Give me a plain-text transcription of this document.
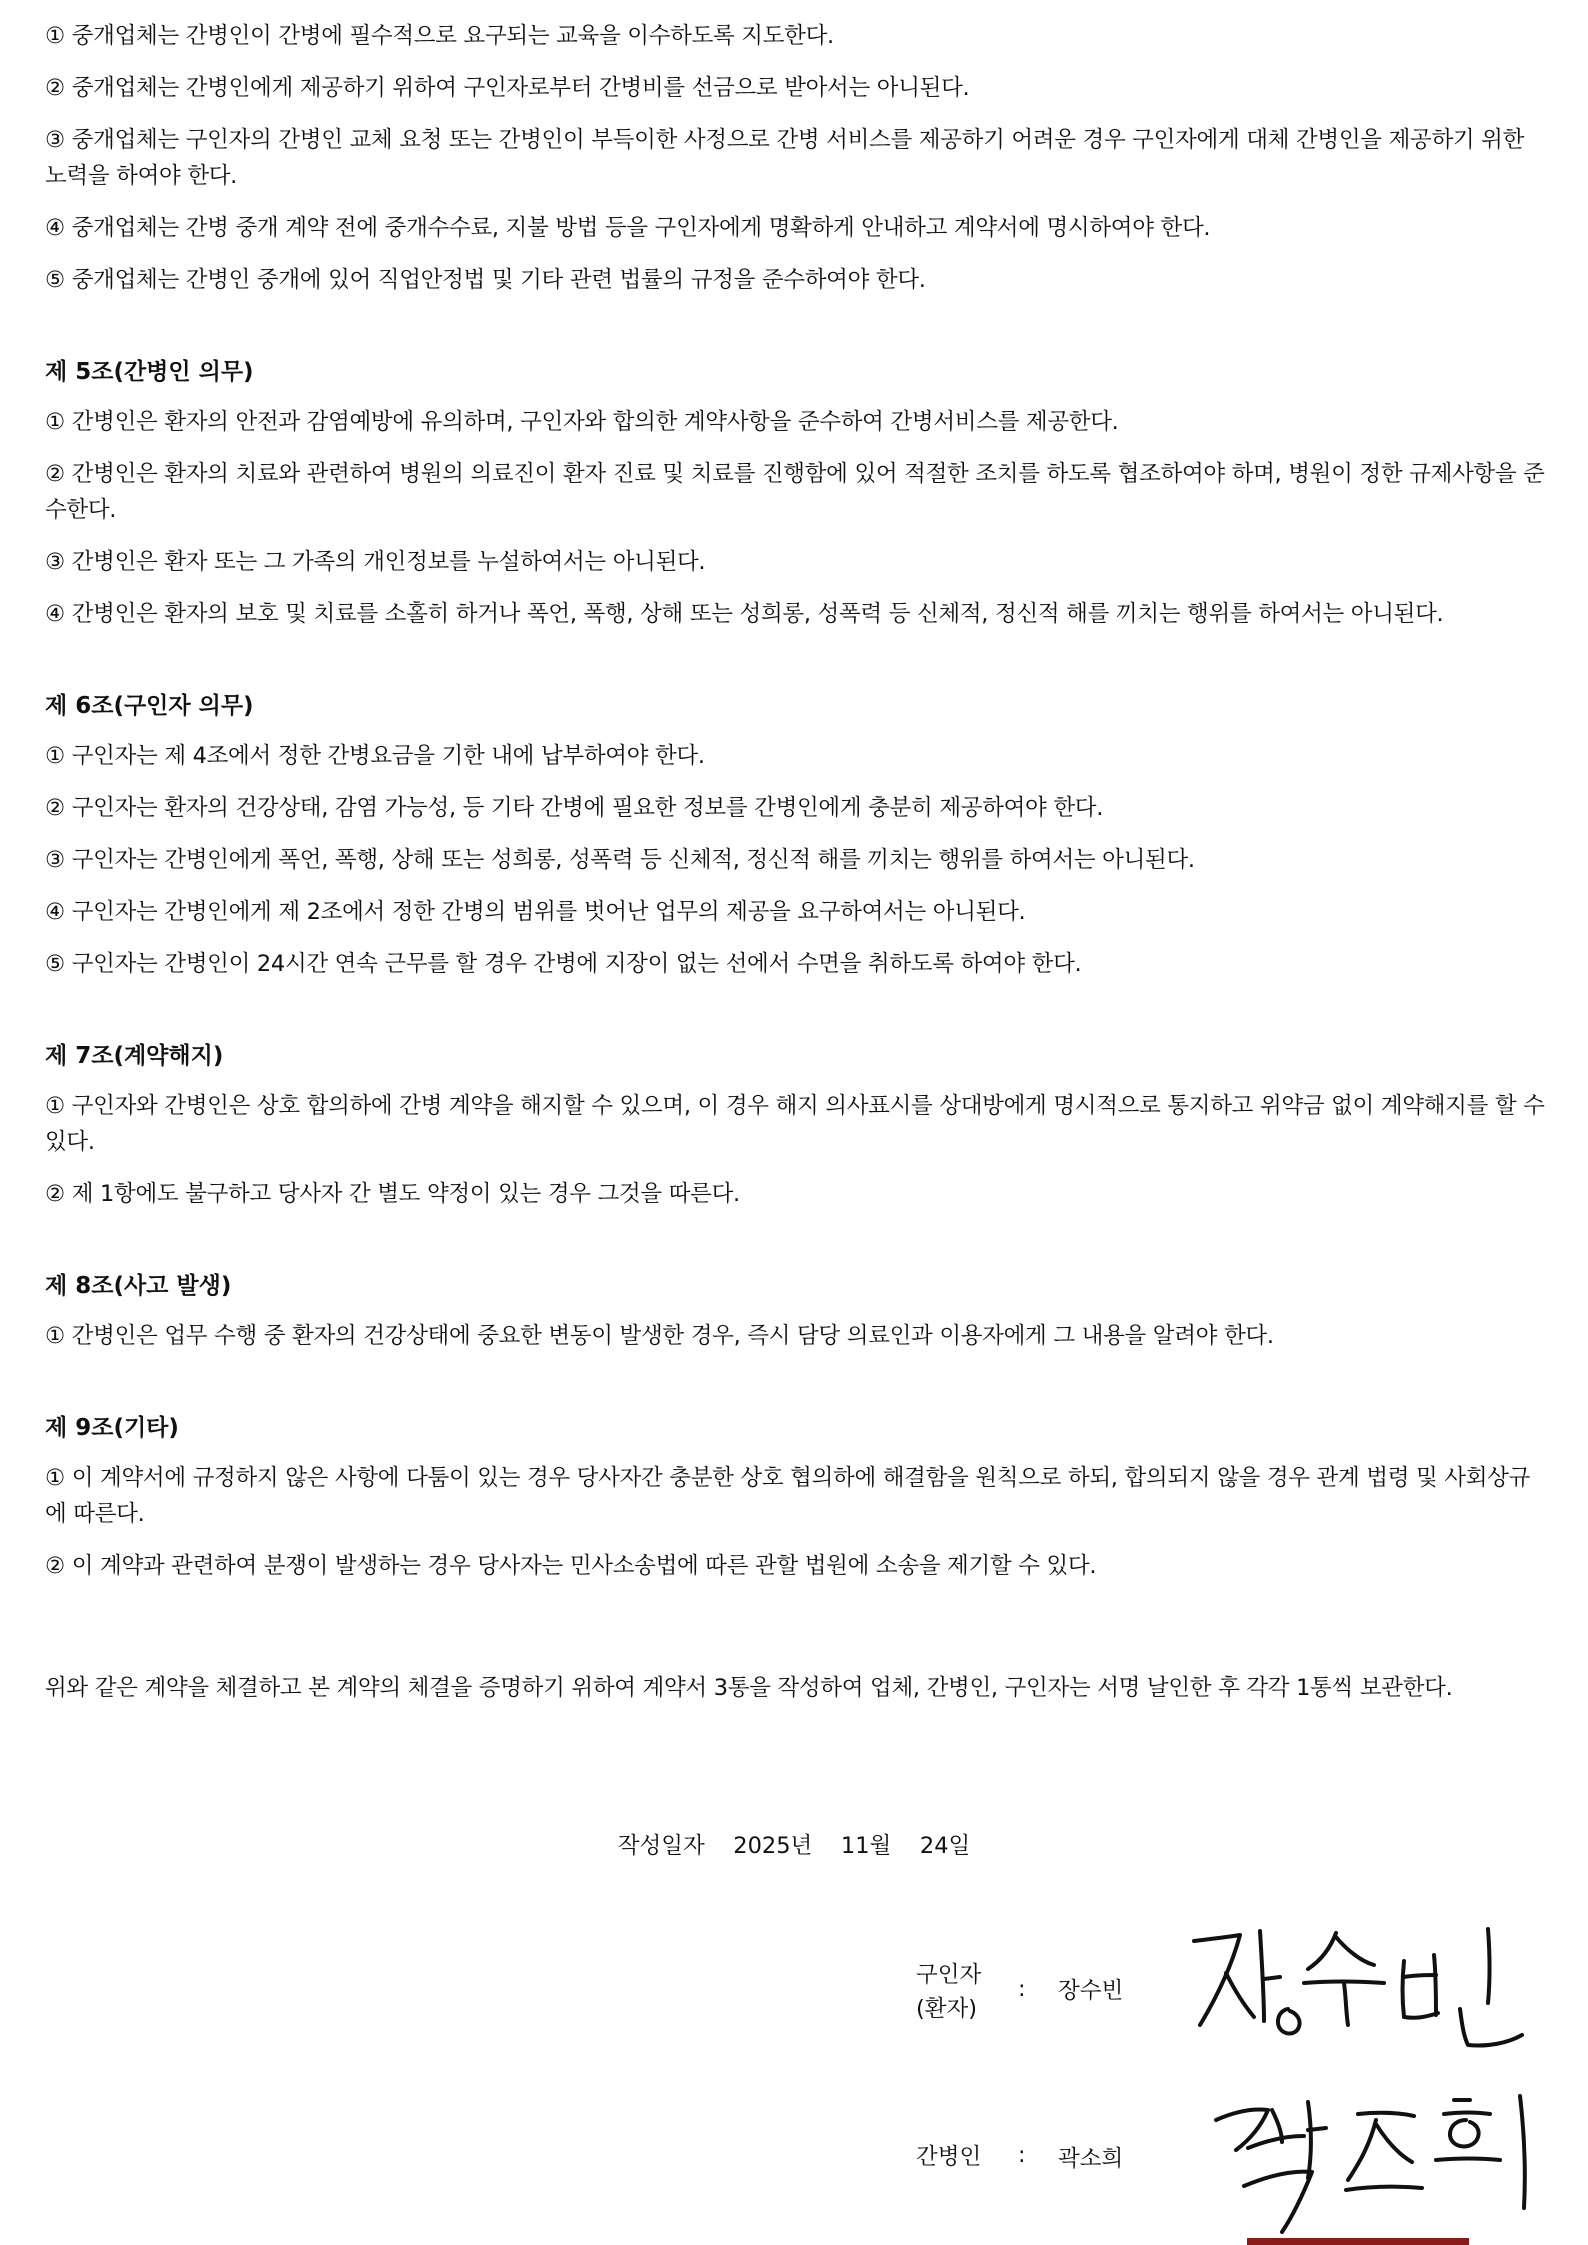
① 중개업체는 간병인이 간병에 필수적으로 요구되는 교육을 이수하도록 지도한다.

② 중개업체는 간병인에게 제공하기 위하여 구인자로부터 간병비를 선금으로 받아서는 아니된다.

③ 중개업체는 구인자의 간병인 교체 요청 또는 간병인이 부득이한 사정으로 간병 서비스를 제공하기 어려운 경우 구인자에게 대체 간병인을 제공하기 위한 노력을 하여야 한다.

④ 중개업체는 간병 중개 계약 전에 중개수수료, 지불 방법 등을 구인자에게 명확하게 안내하고 계약서에 명시하여야 한다.

⑤ 중개업체는 간병인 중개에 있어 직업안정법 및 기타 관련 법률의 규정을 준수하여야 한다.

제 5조(간병인 의무)

① 간병인은 환자의 안전과 감염예방에 유의하며, 구인자와 합의한 계약사항을 준수하여 간병서비스를 제공한다.

② 간병인은 환자의 치료와 관련하여 병원의 의료진이 환자 진료 및 치료를 진행함에 있어 적절한 조치를 하도록 협조하여야 하며, 병원이 정한 규제사항을 준수한다.

③ 간병인은 환자 또는 그 가족의 개인정보를 누설하여서는 아니된다.

④ 간병인은 환자의 보호 및 치료를 소홀히 하거나 폭언, 폭행, 상해 또는 성희롱, 성폭력 등 신체적, 정신적 해를 끼치는 행위를 하여서는 아니된다.

제 6조(구인자 의무)

① 구인자는 제 4조에서 정한 간병요금을 기한 내에 납부하여야 한다.

② 구인자는 환자의 건강상태, 감염 가능성, 등 기타 간병에 필요한 정보를 간병인에게 충분히 제공하여야 한다.

③ 구인자는 간병인에게 폭언, 폭행, 상해 또는 성희롱, 성폭력 등 신체적, 정신적 해를 끼치는 행위를 하여서는 아니된다.

④ 구인자는 간병인에게 제 2조에서 정한 간병의 범위를 벗어난 업무의 제공을 요구하여서는 아니된다.

⑤ 구인자는 간병인이 24시간 연속 근무를 할 경우 간병에 지장이 없는 선에서 수면을 취하도록 하여야 한다.

제 7조(계약해지)

① 구인자와 간병인은 상호 합의하에 간병 계약을 해지할 수 있으며, 이 경우 해지 의사표시를 상대방에게 명시적으로 통지하고 위약금 없이 계약해지를 할 수 있다.

② 제 1항에도 불구하고 당사자 간 별도 약정이 있는 경우 그것을 따른다.

제 8조(사고 발생)

① 간병인은 업무 수행 중 환자의 건강상태에 중요한 변동이 발생한 경우, 즉시 담당 의료인과 이용자에게 그 내용을 알려야 한다.

제 9조(기타)

① 이 계약서에 규정하지 않은 사항에 다툼이 있는 경우 당사자간 충분한 상호 협의하에 해결함을 원칙으로 하되, 합의되지 않을 경우 관계 법령 및 사회상규에 따른다.

② 이 계약과 관련하여 분쟁이 발생하는 경우 당사자는 민사소송법에 따른 관할 법원에 소송을 제기할 수 있다.

위와 같은 계약을 체결하고 본 계약의 체결을 증명하기 위하여 계약서 3통을 작성하여 업체, 간병인, 구인자는 서명 날인한 후 각각 1통씩 보관한다.

작성일자 2025년 11월 24일
구인자
(환자)
: 장수빈
간병인	: 곽소희
